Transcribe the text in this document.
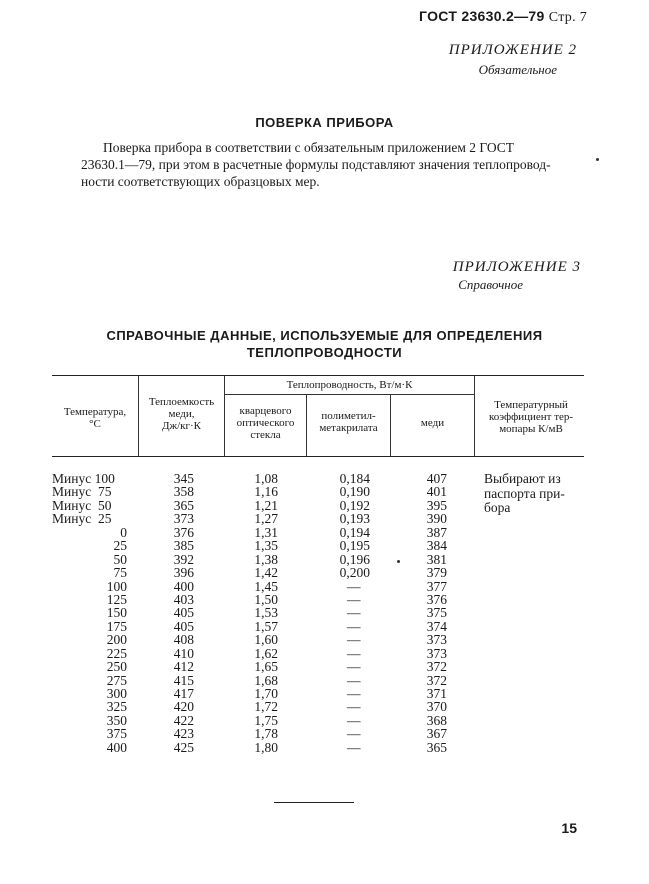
ГОСТ 23630.2—79 Стр. 7
ПРИЛОЖЕНИЕ 2
Обязательное
ПОВЕРКА ПРИБОРА
Поверка прибора в соответствии с обязательным приложением 2 ГОСТ
23630.1—79, при этом в расчетные формулы подставляют значения теплопровод-
ности соответствующих образцовых мер.
ПРИЛОЖЕНИЕ 3
Справочное
СПРАВОЧНЫЕ ДАННЫЕ, ИСПОЛЬЗУЕМЫЕ ДЛЯ ОПРЕДЕЛЕНИЯ
ТЕПЛОПРОВОДНОСТИ
Температура,
°C
Теплоемкость
меди,
Дж/кг·К
Теплопроводность, Вт/м·К
кварцевого
оптического
стекла
полиметил-
метакрилата	меди
Температурный
коэффициент тер-
мопары К/мВ
Минус 100
Минус  75
Минус  50
Минус  25
0
25
50
75
100
125
150
175
200
225
250
275
300
325
350
375
400
345
358
365
373
376
385
392
396
400
403
405
405
408
410
412
415
417
420
422
423
425
1,08
1,16
1,21
1,27
1,31
1,35
1,38
1,42
1,45
1,50
1,53
1,57
1,60
1,62
1,65
1,68
1,70
1,72
1,75
1,78
1,80
0,184
0,190
0,192
0,193
0,194
0,195
0,196
0,200
—
—
—
—
—
—
—
—
—
—
—
—
—
407
401
395
390
387
384
381
379
377
376
375
374
373
373
372
372
371
370
368
367
365
Выбирают из
паспорта при-
бора
15
